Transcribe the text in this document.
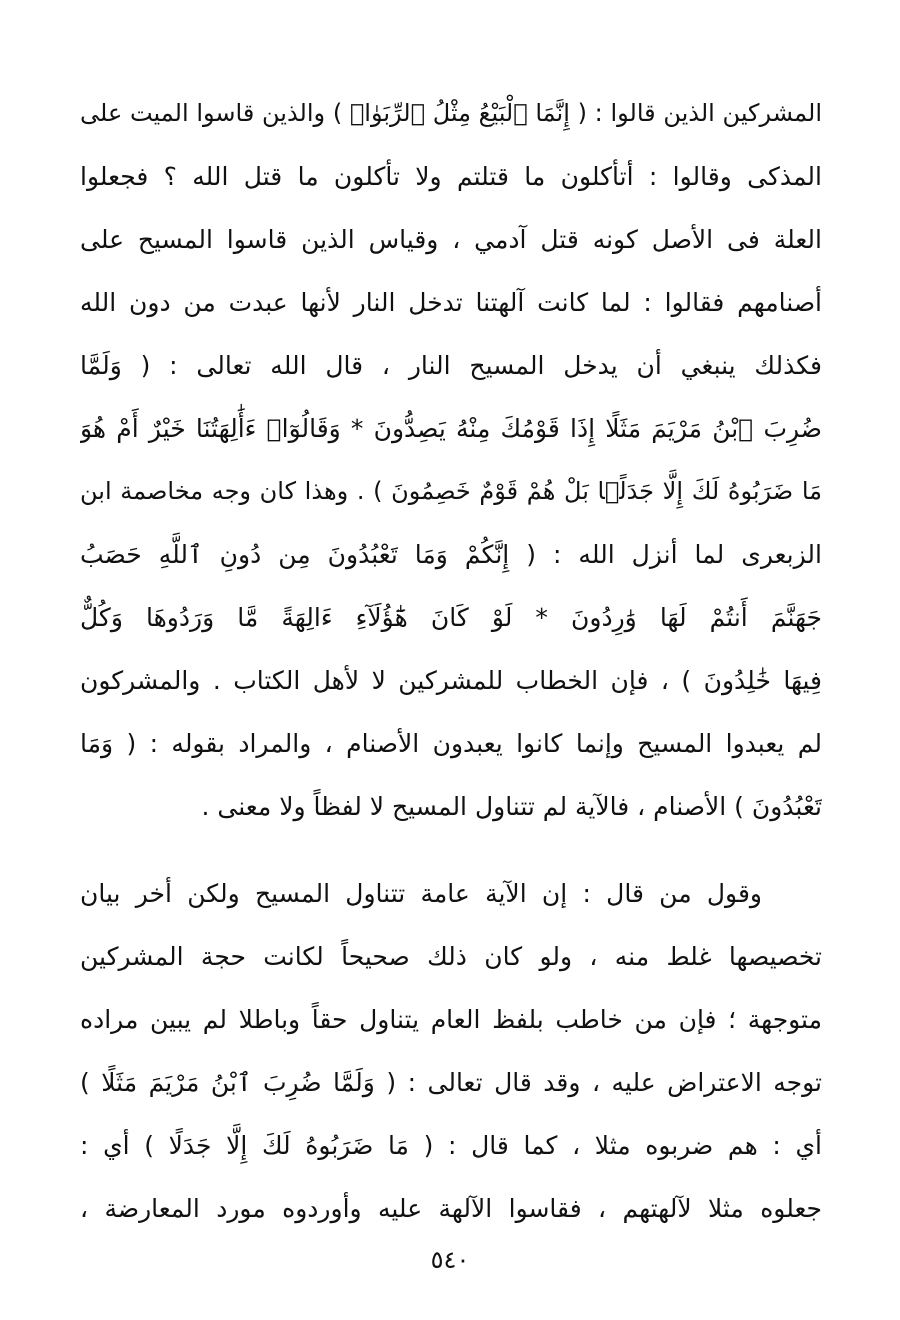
المشركين الذين قالوا : ( إِنَّمَا ٱلْبَيْعُ مِثْلُ ٱلرِّبَوٰا۟ ) والذين قاسوا الميت على
المذكى وقالوا : أتأكلون ما قتلتم ولا تأكلون ما قتل الله ؟ فجعلوا
العلة فى الأصل كونه قتل آدمي ، وقياس الذين قاسوا المسيح على
أصنامهم فقالوا : لما كانت آلهتنا تدخل النار لأنها عبدت من دون الله
فكذلك ينبغي أن يدخل المسيح النار ، قال الله تعالى : ( وَلَمَّا
ضُرِبَ ٱبْنُ مَرْيَمَ مَثَلًا إِذَا قَوْمُكَ مِنْهُ يَصِدُّونَ * وَقَالُوٓا۟ ءَأَٰلِهَتُنَا خَيْرٌ أَمْ هُوَ
مَا ضَرَبُوهُ لَكَ إِلَّا جَدَلًۢا بَلْ هُمْ قَوْمٌ خَصِمُونَ ) . وهذا كان وجه مخاصمة ابن
الزبعرى لما أنزل الله : ( إِنَّكُمْ وَمَا تَعْبُدُونَ مِن دُونِ ٱللَّهِ حَصَبُ
جَهَنَّمَ أَنتُمْ لَهَا وَٰرِدُونَ * لَوْ كَانَ هَٰٓؤُلَآءِ ءَالِهَةً مَّا وَرَدُوهَا وَكُلٌّ
فِيهَا خَٰلِدُونَ ) ، فإن الخطاب للمشركين لا لأهل الكتاب . والمشركون
لم يعبدوا المسيح وإنما كانوا يعبدون الأصنام ، والمراد بقوله : ( وَمَا
تَعْبُدُونَ ) الأصنام ، فالآية لم تتناول المسيح لا لفظاً ولا معنى .
وقول من قال : إن الآية عامة تتناول المسيح ولكن أخر بيان
تخصيصها غلط منه ، ولو كان ذلك صحيحاً لكانت حجة المشركين
متوجهة ؛ فإن من خاطب بلفظ العام يتناول حقاً وباطلا لم يبين مراده
توجه الاعتراض عليه ، وقد قال تعالى : ( وَلَمَّا ضُرِبَ ٱبْنُ مَرْيَمَ مَثَلًا )
أي : هم ضربوه مثلا ، كما قال : ( مَا ضَرَبُوهُ لَكَ إِلَّا جَدَلًا ) أي :
جعلوه مثلا لآلهتهم ، فقاسوا الآلهة عليه وأوردوه مورد المعارضة ،
٥٤٠
